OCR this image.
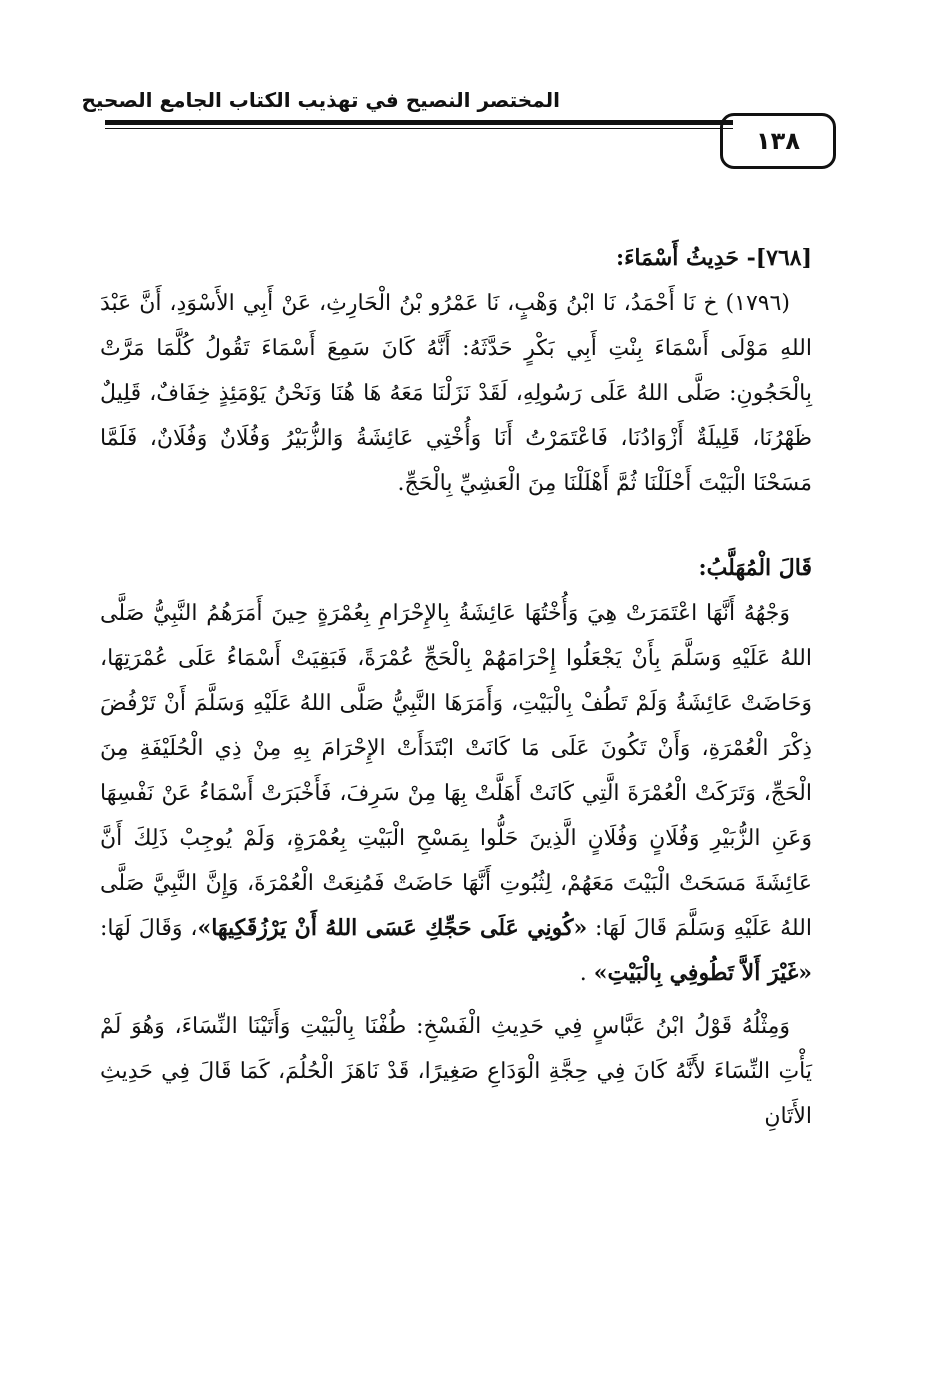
المختصر النصيح في تهذيب الكتاب الجامع الصحيح
١٣٨

[٧٦٨]- حَدِيثُ أَسْمَاءَ:

(١٧٩٦) خ نَا أَحْمَدُ، نَا ابْنُ وَهْبٍ، نَا عَمْرُو بْنُ الْحَارِثِ، عَنْ أَبِي الأَسْوَدِ، أَنَّ عَبْدَ اللهِ مَوْلَى أَسْمَاءَ بِنْتِ أَبِي بَكْرٍ حَدَّثَهُ: أَنَّهُ كَانَ سَمِعَ أَسْمَاءَ تَقُولُ كُلَّمَا مَرَّتْ بِالْحَجُونِ: صَلَّى اللهُ عَلَى رَسُولِهِ، لَقَدْ نَزَلْنَا مَعَهُ هَا هُنَا وَنَحْنُ يَوْمَئِذٍ خِفَافٌ، قَلِيلٌ ظَهْرُنَا، قَلِيلَةٌ أَزْوَادُنَا، فَاعْتَمَرْتُ أَنَا وَأُخْتِي عَائِشَةُ وَالزُّبَيْرُ وَفُلَانٌ وَفُلَانٌ، فَلَمَّا مَسَحْنَا الْبَيْتَ أَحْلَلْنَا ثُمَّ أَهْلَلْنَا مِنَ الْعَشِيِّ بِالْحَجِّ.

قَالَ الْمُهَلَّبُ:

وَجْهُهُ أَنَّهَا اعْتَمَرَتْ هِيَ وَأُخْتُهَا عَائِشَةُ بِالإِحْرَامِ بِعُمْرَةٍ حِينَ أَمَرَهُمُ النَّبِيُّ صَلَّى اللهُ عَلَيْهِ وَسَلَّمَ بِأَنْ يَجْعَلُوا إِحْرَامَهُمْ بِالْحَجِّ عُمْرَةً، فَبَقِيَتْ أَسْمَاءُ عَلَى عُمْرَتِهَا، وَحَاضَتْ عَائِشَةُ وَلَمْ تَطُفْ بِالْبَيْتِ، وَأَمَرَهَا النَّبِيُّ صَلَّى اللهُ عَلَيْهِ وَسَلَّمَ أَنْ تَرْفُضَ ذِكْرَ الْعُمْرَةِ، وَأَنْ تَكُونَ عَلَى مَا كَانَتْ ابْتَدَأَتْ الإِحْرَامَ بِهِ مِنْ ذِي الْحُلَيْفَةِ مِنَ الْحَجِّ، وَتَرَكَتْ الْعُمْرَةَ الَّتِي كَانَتْ أَهَلَّتْ بِهَا مِنْ سَرِفَ، فَأَخْبَرَتْ أَسْمَاءُ عَنْ نَفْسِهَا وَعَنِ الزُّبَيْرِ وَفُلَانٍ وَفُلَانٍ الَّذِينَ حَلُّوا بِمَسْحِ الْبَيْتِ بِعُمْرَةٍ، وَلَمْ يُوجِبْ ذَلِكَ أَنَّ عَائِشَةَ مَسَحَتْ الْبَيْتَ مَعَهُمْ، لِثُبُوتِ أَنَّهَا حَاضَتْ فَمُنِعَتْ الْعُمْرَةَ، وَإِنَّ النَّبِيَّ صَلَّى اللهُ عَلَيْهِ وَسَلَّمَ قَالَ لَهَا: «كُونِي عَلَى حَجِّكِ عَسَى اللهُ أَنْ يَرْزُقَكِيهَا»، وَقَالَ لَهَا: «غَيْرَ أَلاَّ تَطُوفِي بِالْبَيْتِ» .

وَمِثْلُهُ قَوْلُ ابْنُ عَبَّاسٍ فِي حَدِيثِ الْفَسْخِ: طُفْنَا بِالْبَيْتِ وَأَتَيْنَا النِّسَاءَ، وَهُوَ لَمْ يَأْتِ النِّسَاءَ لأَنَّهُ كَانَ فِي حِجَّةِ الْوَدَاعِ صَغِيرًا، قَدْ نَاهَزَ الْحُلُمَ، كَمَا قَالَ فِي حَدِيثِ الأَتَانِ
